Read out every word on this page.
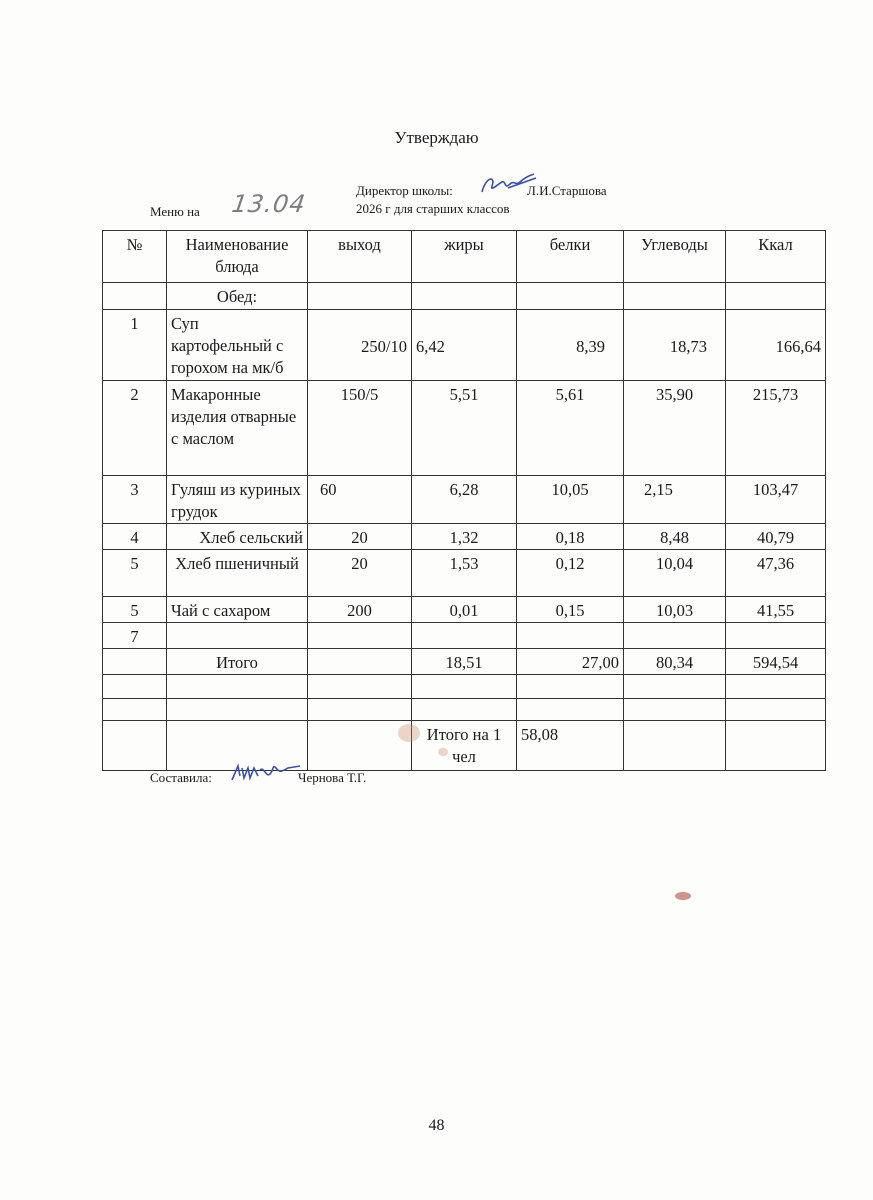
Утверждаю
Директор школы:	Л.И.Старшова
Меню на 13.04	2026 г для старших классов
№	Наименование блюда	выход	жиры	белки	Углеводы	Ккал
	Обед:					
1	Суп картофельный с горохом на мк/б	250/10	6,42	8,39	18,73	166,64
2	Макаронные изделия отварные с маслом	150/5	5,51	5,61	35,90	215,73
3	Гуляш из куриных грудок	60	6,28	10,05	2,15	103,47
4	Хлеб сельский	20	1,32	0,18	8,48	40,79
5	Хлеб пшеничный	20	1,53	0,12	10,04	47,36
5	Чай с сахаром	200	0,01	0,15	10,03	41,55
7						
	Итого		18,51	27,00	80,34	594,54

			Итого на 1 чел	58,08		
Составила:	Чернова Т.Г.
48
